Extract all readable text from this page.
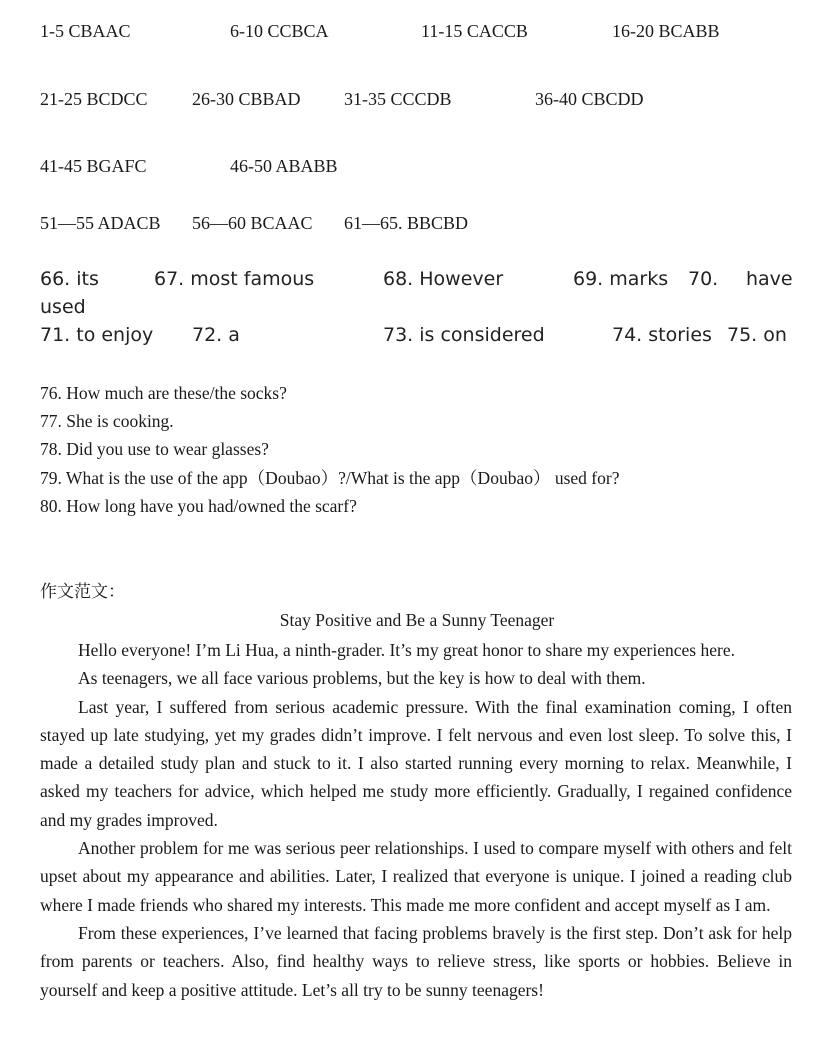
1-5 CBAAC	6-10 CCBCA	11-15 CACCB	16-20 BCABB
21-25 BCDCC 26-30 CBBAD 31-35 CCCDB	36-40 CBCDD
41-45 BGAFC	46-50 ABABB
51—55 ADACB 56—60 BCAAC 61—65. BBCBD
66. its	67. most famous	68. However	69. marks 70. have
used
71. to enjoy 72. a	73. is considered	74. stories 75. on
76. How much are these/the socks?
77. She is cooking.
78. Did you use to wear glasses?
79. What is the use of the app（Doubao）?/What is the app（Doubao） used for?
80. How long have you had/owned the scarf?
作文范文：
Stay Positive and Be a Sunny Teenager

Hello everyone! I’m Li Hua, a ninth-grader. It’s my great honor to share my experiences here.

As teenagers, we all face various problems, but the key is how to deal with them.

Last year, I suffered from serious academic pressure. With the final examination coming, I often stayed up late studying, yet my grades didn’t improve. I felt nervous and even lost sleep. To solve this, I made a detailed study plan and stuck to it. I also started running every morning to relax. Meanwhile, I asked my teachers for advice, which helped me study more efficiently. Gradually, I regained confidence and my grades improved.

Another problem for me was serious peer relationships. I used to compare myself with others and felt upset about my appearance and abilities. Later, I realized that everyone is unique. I joined a reading club where I made friends who shared my interests. This made me more confident and accept myself as I am.

From these experiences, I’ve learned that facing problems bravely is the first step. Don’t ask for help from parents or teachers. Also, find healthy ways to relieve stress, like sports or hobbies. Believe in yourself and keep a positive attitude. Let’s all try to be sunny teenagers!
